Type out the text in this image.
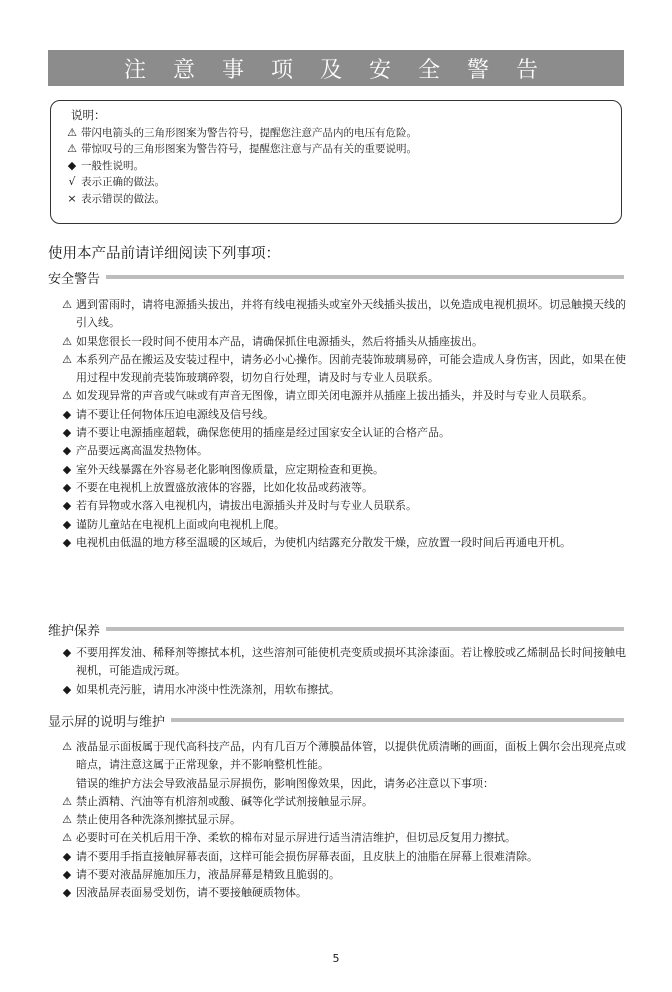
注 意 事 项 及 安 全 警 告
说明：
⚠ 带闪电箭头的三角形图案为警告符号，提醒您注意产品内的电压有危险。
⚠ 带惊叹号的三角形图案为警告符号，提醒您注意与产品有关的重要说明。
◆ 一般性说明。
√ 表示正确的做法。
× 表示错误的做法。
使用本产品前请详细阅读下列事项：
安全警告
⚠ 遇到雷雨时，请将电源插头拔出，并将有线电视插头或室外天线插头拔出，以免造成电视机损坏。切忌触摸天线的引入线。
⚠ 如果您很长一段时间不使用本产品，请确保抓住电源插头，然后将插头从插座拔出。
⚠ 本系列产品在搬运及安装过程中，请务必小心操作。因前壳装饰玻璃易碎，可能会造成人身伤害，因此，如果在使用过程中发现前壳装饰玻璃碎裂，切勿自行处理，请及时与专业人员联系。
⚠ 如发现异常的声音或气味或有声音无图像，请立即关闭电源并从插座上拔出插头，并及时与专业人员联系。
◆ 请不要让任何物体压迫电源线及信号线。
◆ 请不要让电源插座超载，确保您使用的插座是经过国家安全认证的合格产品。
◆ 产品要远离高温发热物体。
◆ 室外天线暴露在外容易老化影响图像质量，应定期检查和更换。
◆ 不要在电视机上放置盛放液体的容器，比如化妆品或药液等。
◆ 若有异物或水落入电视机内，请拔出电源插头并及时与专业人员联系。
◆ 谨防儿童站在电视机上面或向电视机上爬。
◆ 电视机由低温的地方移至温暖的区域后，为使机内结露充分散发干燥，应放置一段时间后再通电开机。
维护保养
◆ 不要用挥发油、稀释剂等擦拭本机，这些溶剂可能使机壳变质或损坏其涂漆面。若让橡胶或乙烯制品长时间接触电视机，可能造成污斑。
◆ 如果机壳污脏，请用水冲淡中性洗涤剂，用软布擦拭。
显示屏的说明与维护
⚠ 液晶显示面板属于现代高科技产品，内有几百万个薄膜晶体管，以提供优质清晰的画面，面板上偶尔会出现亮点或暗点，请注意这属于正常现象，并不影响整机性能。
错误的维护方法会导致液晶显示屏损伤，影响图像效果，因此，请务必注意以下事项：
⚠ 禁止酒精、汽油等有机溶剂或酸、碱等化学试剂接触显示屏。
⚠ 禁止使用各种洗涤剂擦拭显示屏。
⚠ 必要时可在关机后用干净、柔软的棉布对显示屏进行适当清洁维护，但切忌反复用力擦拭。
◆ 请不要用手指直接触屏幕表面，这样可能会损伤屏幕表面，且皮肤上的油脂在屏幕上很难清除。
◆ 请不要对液晶屏施加压力，液晶屏幕是精致且脆弱的。
◆ 因液晶屏表面易受划伤，请不要接触硬质物体。
5
